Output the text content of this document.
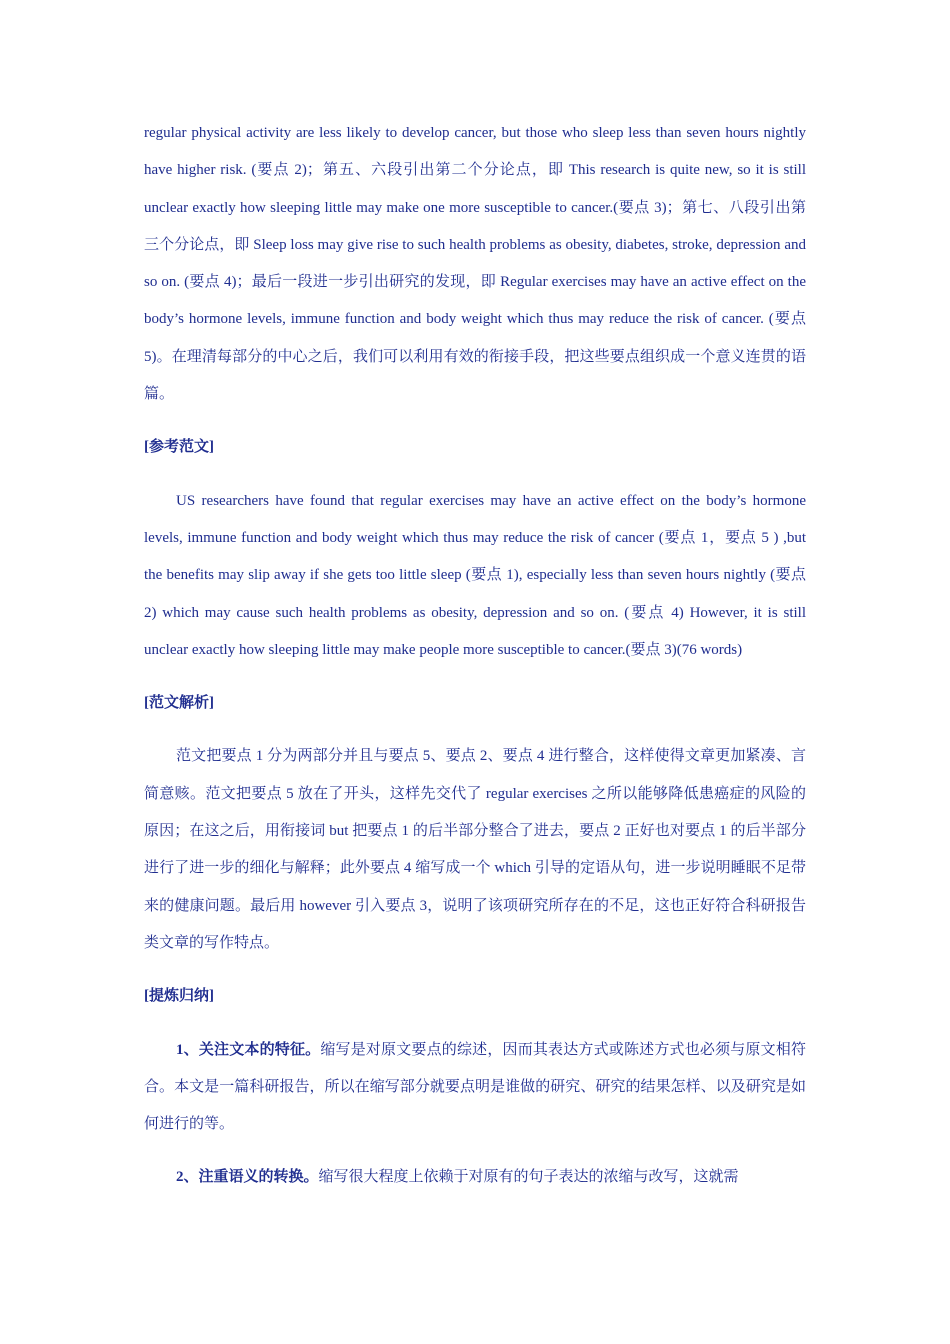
regular physical activity are less likely to develop cancer, but those who sleep less than seven hours nightly have higher risk. (要点 2)；第五、六段引出第二个分论点，即 This research is quite new, so it is still unclear exactly how sleeping little may make one more susceptible to cancer.(要点 3)；第七、八段引出第三个分论点，即 Sleep loss may give rise to such health problems as obesity, diabetes, stroke, depression and so on. (要点 4)；最后一段进一步引出研究的发现，即 Regular exercises may have an active effect on the body’s hormone levels, immune function and body weight which thus may reduce the risk of cancer. (要点 5)。在理清每部分的中心之后，我们可以利用有效的衔接手段，把这些要点组织成一个意义连贯的语篇。

[参考范文]

US researchers have found that regular exercises may have an active effect on the body’s hormone levels, immune function and body weight which thus may reduce the risk of cancer (要点 1，要点 5 ) ,but the benefits may slip away if she gets too little sleep (要点 1), especially less than seven hours nightly (要点 2) which may cause such health problems as obesity, depression and so on. (要点 4) However, it is still unclear exactly how sleeping little may make people more susceptible to cancer.(要点 3)(76 words)

[范文解析]

范文把要点 1 分为两部分并且与要点 5、要点 2、要点 4 进行整合，这样使得文章更加紧凑、言简意赅。范文把要点 5 放在了开头，这样先交代了 regular exercises 之所以能够降低患癌症的风险的原因；在这之后，用衔接词 but 把要点 1 的后半部分整合了进去，要点 2 正好也对要点 1 的后半部分进行了进一步的细化与解释；此外要点 4 缩写成一个 which 引导的定语从句，进一步说明睡眠不足带来的健康问题。最后用 however 引入要点 3，说明了该项研究所存在的不足，这也正好符合科研报告类文章的写作特点。

[提炼归纳]

1、关注文本的特征。缩写是对原文要点的综述，因而其表达方式或陈述方式也必须与原文相符合。本文是一篇科研报告，所以在缩写部分就要点明是谁做的研究、研究的结果怎样、以及研究是如何进行的等。

2、注重语义的转换。缩写很大程度上依赖于对原有的句子表达的浓缩与改写，这就需
